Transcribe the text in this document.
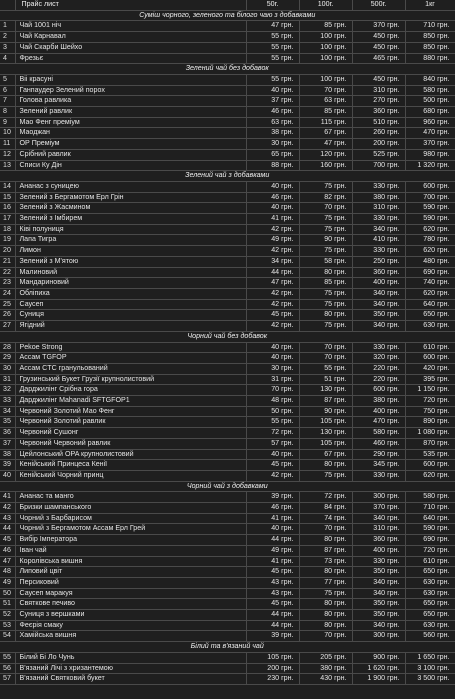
	Прайс лист	50г.	100г.	500г.	1кг
Суміш чорного, зеленого та білого чаю з добавками					
1	Чай 1001 ніч	47 грн.	85 грн.	370 грн.	710 грн.
2	Чай Карнавал	55 грн.	100 грн.	450 грн.	850 грн.
3	Чай Скарби Шейхо	55 грн.	100 грн.	450 грн.	850 грн.
4	Фрезьє	55 грн.	100 грн.	465 грн.	880 грн.
Зелений чай без добавок					
5	Віі красуні	55 грн.	100 грн.	450 грн.	840 грн.
6	Ганпаудер Зелений порох	40 грн.	70 грн.	310 грн.	580 грн.
7	Голова равлика	37 грн.	63 грн.	270 грн.	500 грн.
8	Зелений равлик	46 грн.	85 грн.	360 грн.	680 грн.
9	Мао Фенг преміум	63 грн.	115 грн.	510 грн.	960 грн.
10	Маоджан	38 грн.	67 грн.	260 грн.	470 грн.
11	ОР Преміум	30 грн.	47 грн.	200 грн.	370 грн.
12	Срібний равлик	65 грн.	120 грн.	525 грн.	980 грн.
13	Списи Ку Дін	88 грн.	160 грн.	700 грн.	1 320 грн.
Зелений чай з добавками					
14	Ананас з суницею	40 грн.	75 грн.	330 грн.	600 грн.
15	Зелений з Бергамотом Ерл Грін	46 грн.	82 грн.	380 грн.	700 грн.
16	Зелений з Жасмином	40 грн.	70 грн.	310 грн.	590 грн.
17	Зелений з Імбирем	41 грн.	75 грн.	330 грн.	590 грн.
18	Ківі полуниця	42 грн.	75 грн.	340 грн.	620 грн.
19	Лапа Тигра	49 грн.	90 грн.	410 грн.	780 грн.
20	Лимон	42 грн.	75 грн.	330 грн.	620 грн.
21	Зелений з М'ятою	34 грн.	58 грн.	250 грн.	480 грн.
22	Малиновий	44 грн.	80 грн.	360 грн.	690 грн.
23	Мандариновий	47 грн.	85 грн.	400 грн.	740 грн.
24	Обліпиха	42 грн.	75 грн.	340 грн.	620 грн.
25	Саусеп	42 грн.	75 грн.	340 грн.	640 грн.
26	Суниця	45 грн.	80 грн.	350 грн.	650 грн.
27	Ягідний	42 грн.	75 грн.	340 грн.	630 грн.
Чорний чай без добавок					
28	Pekoe Strong	40 грн.	70 грн.	330 грн.	610 грн.
29	Ассам TGFOP	40 грн.	70 грн.	320 грн.	600 грн.
30	Ассам CTC гранульований	30 грн.	55 грн.	220 грн.	420 грн.
31	Грузинський Букет Грузії крупнолистовий	31 грн.	51 грн.	220 грн.	395 грн.
32	Дарджилінг Срібна гора	70 грн.	130 грн.	600 грн.	1 150 грн.
33	Дарджилінг Mahanadi SFTGFOP1	48 грн.	87 грн.	380 грн.	720 грн.
34	Червоний Золотий Мао Фенг	50 грн.	90 грн.	400 грн.	750 грн.
35	Червоний Золотий равлик	55 грн.	105 грн.	470 грн.	890 грн.
36	Червоний Сушонг	72 грн.	130 грн.	580 грн.	1 080 грн.
37	Червоний Червоний равлик	57 грн.	105 грн.	460 грн.	870 грн.
38	Цейлонський OPA крупнолистовий	40 грн.	67 грн.	290 грн.	535 грн.
39	Кенійський Принцеса Кенії	45 грн.	80 грн.	345 грн.	600 грн.
40	Кенійський Чорний принц	42 грн.	75 грн.	330 грн.	620 грн.
Чорний чай з добавками					
41	Ананас та манго	39 грн.	72 грн.	300 грн.	580 грн.
42	Бризки шампанського	46 грн.	84 грн.	370 грн.	710 грн.
43	Чорний з Барбарисом	41 грн.	74 грн.	340 грн.	640 грн.
44	Чорний з Бергамотом Ассам Ерл Грей	40 грн.	70 грн.	310 грн.	590 грн.
45	Вибір Імператора	44 грн.	80 грн.	360 грн.	690 грн.
46	Іван чай	49 грн.	87 грн.	400 грн.	720 грн.
47	Королівська вишня	41 грн.	73 грн.	330 грн.	610 грн.
48	Липовий цвіт	45 грн.	80 грн.	350 грн.	650 грн.
49	Персиковий	43 грн.	77 грн.	340 грн.	630 грн.
50	Саусеп маракуя	43 грн.	75 грн.	340 грн.	630 грн.
51	Святкове печиво	45 грн.	80 грн.	350 грн.	650 грн.
52	Суниця з вершками	44 грн.	80 грн.	350 грн.	650 грн.
53	Феєрія смаку	44 грн.	80 грн.	340 грн.	630 грн.
54	Хамійська вишня	39 грн.	70 грн.	300 грн.	560 грн.
Білий та в'язаний чай					
55	Білий Бі Ло Чунь	105 грн.	205 грн.	900 грн.	1 650 грн.
56	В'язаний Лічі з хризантемою	200 грн.	380 грн.	1 620 грн.	3 100 грн.
57	В'язаний Святковий букет	230 грн.	430 грн.	1 900 грн.	3 500 грн.
